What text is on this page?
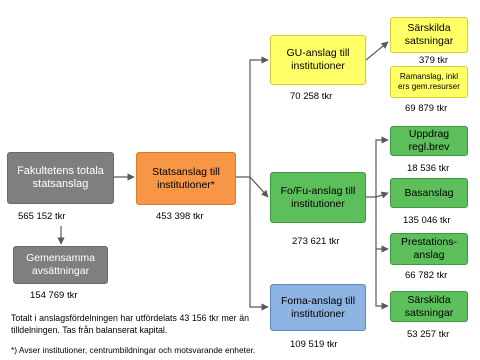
Fakultetens totala statsanslag
565 152 tkr
Gemensamma avsättningar
154 769 tkr
Statsanslag till institutioner*
453 398 tkr
GU-anslag till institutioner
70 258 tkr
Fo/Fu-anslag till institutioner
273 621 tkr
Foma-anslag till institutioner
109 519 tkr
Särskilda satsningar
379 tkr
Ramanslag, inkl ers gem.resurser
69 879 tkr
Uppdrag regl.brev
18 536 tkr
Basanslag
135 046 tkr
Prestations-anslag
66 782 tkr
Särskilda satsningar
53 257 tkr
Totalt i anslagsfördelningen har utfördelats 43 156 tkr mer än tilldelningen. Tas från balanserat kapital.
*) Avser institutioner, centrumbildningar och motsvarande enheter.
